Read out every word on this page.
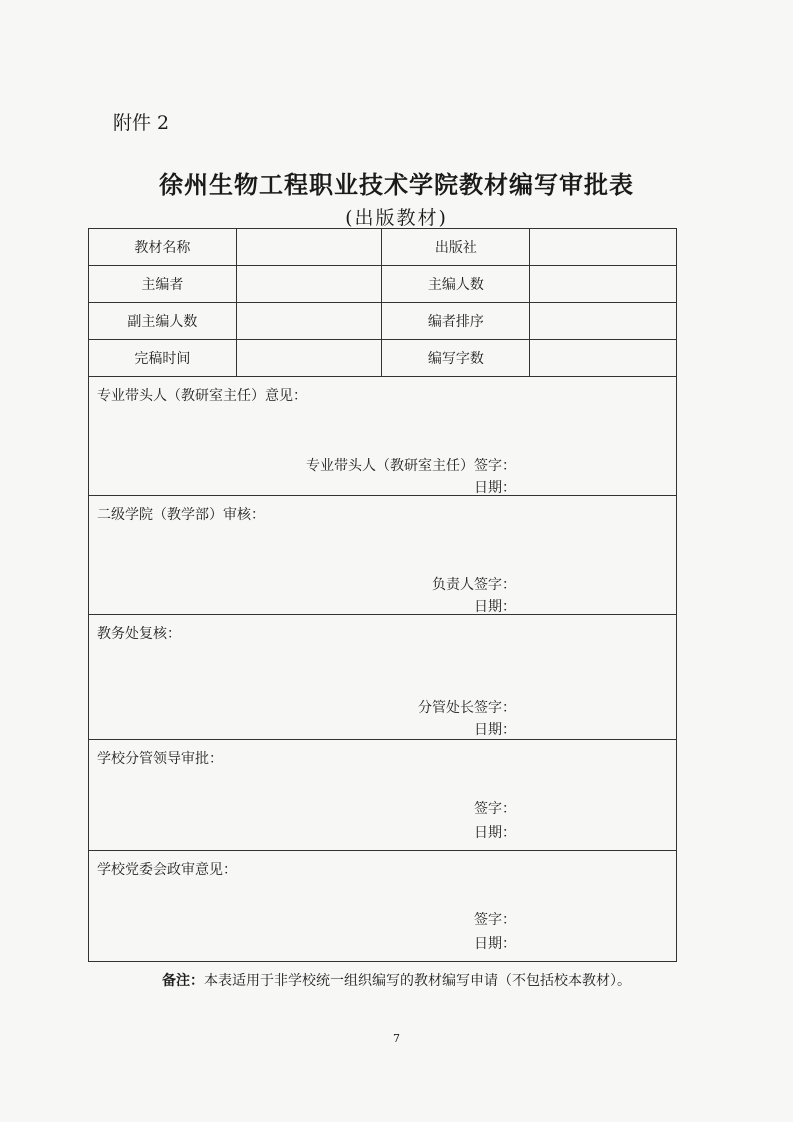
附件 2
徐州生物工程职业技术学院教材编写审批表
(出版教材)
教材名称		出版社	
主编者		主编人数	
副主编人数		编者排序	
完稿时间		编写字数	

专业带头人（教研室主任）意见：
专业带头人（教研室主任）签字：
日期：			

二级学院（教学部）审核：
负责人签字：
日期：			

教务处复核：
分管处长签字：
日期：			

学校分管领导审批：
签字：
日期：			

学校党委会政审意见：
签字：
日期：			
备注：本表适用于非学校统一组织编写的教材编写申请（不包括校本教材）。
7
